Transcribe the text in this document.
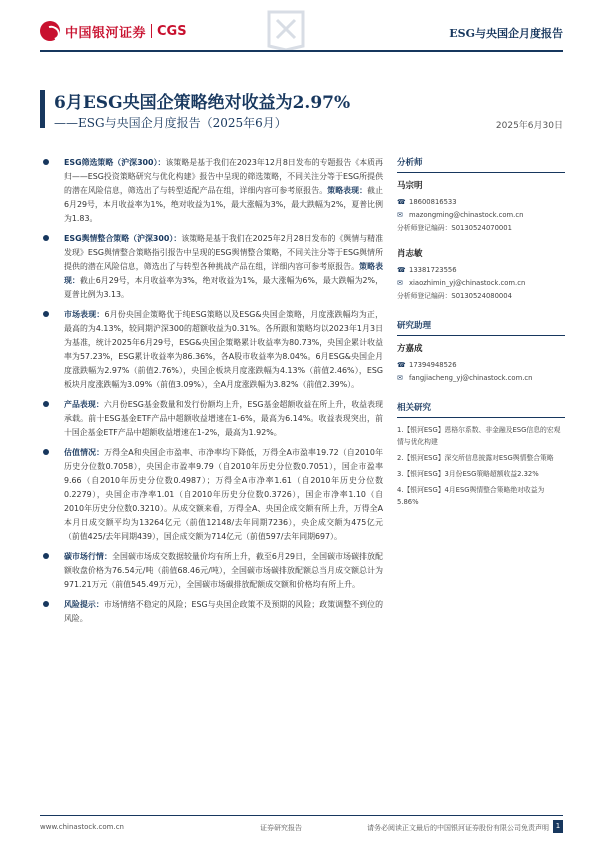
中国银河证券 CGS	ESG与央国企月度报告
6月ESG央国企策略绝对收益为2.97%
——ESG与央国企月度报告（2025年6月）	2025年6月30日
ESG筛选策略（沪深300）：该策略是基于我们在2023年12月8日发布的专题报告《本质再归——ESG投资策略研究与优化构建》报告中呈现的筛选策略，不同关注分等于ESG所提供的潜在风险信息，筛选出了与转型适配产品在组，详细内容可参考原报告。策略表现：截止6月29号，本月收益率为1%，绝对收益为1%，最大涨幅为3%，最大跌幅为2%，夏普比例为1.83。
ESG舆情整合策略（沪深300）：该策略是基于我们在2025年2月28日发布的《舆情与精准发现》ESG舆情整合策略指引报告中呈现的ESG舆情整合策略，不同关注分等于ESG舆情所提供的潜在风险信息，筛选出了与转型各种挑战产品在组，详细内容可参考原报告。策略表现：截止6月29号，本月收益率为3%，绝对收益为1%，最大涨幅为6%，最大跌幅为2%，夏普比例为3.13。
市场表现：6月份央国企策略优于纯ESG策略以及ESG&央国企策略，月度涨跌幅均为正，最高的为4.13%，较同期沪深300的超额收益为0.31%。各所跟和策略均以2023年1月3日为基准，统计2025年6月29号，ESG&央国企策略累计收益率为80.73%，央国企累计收益率为57.23%，ESG累计收益率为86.36%，各A股市收益率为8.04%。6月ESG&央国企月度涨跌幅为2.97%（前值2.76%），央国企板块月度涨跌幅为4.13%（前值2.46%），ESG板块月度涨跌幅为3.09%（前值3.09%），全A月度涨跌幅为3.82%（前值2.39%）。
产品表现：六月份ESG基金数量和发行份额均上升，ESG基金超额收益在所上升，收益表现承载。前十ESG基金ETF产品中超额收益增速在1-6%，最高为6.14%。收益表现突出，前十国企基金ETF产品中超额收益增速在1-2%，最高为1.92%。
估值情况：万得全A和央国企市盈率、市净率均下降低，万得全A市盈率19.72（自2010年历史分位数0.7058），央国企市盈率9.79（自2010年历史分位数0.7051），国企市盈率9.66（自2010年历史分位数0.4987）；万得全A市净率1.61（自2010年历史分位数0.2279），央国企市净率1.01（自2010年历史分位数0.3726），国企市净率1.10（自2010年历史分位数0.3210）。从成交额来看，万得全A、央国企成交额有所上升，万得全A本月日成交额平均为13264亿元（前值12148/去年同期7236），央企成交额为475亿元（前值425/去年同期439），国企成交额为714亿元（前值597/去年同期697）。
碳市场行情：全国碳市场成交数据较量价均有所上升，截至6月29日，全国碳市场碳排放配额收盘价格为76.54元/吨（前值68.46元/吨），全国碳市场碳排放配额总当月成交额总计为971.21万元（前值545.49万元），全国碳市场碳排放配额成交额和价格均有所上升。
风险提示：市场情绪不稳定的风险；ESG与央国企政策不及预期的风险；政策调整不到位的风险。
分析师
马宗明
☎ 18600816533
✉ mazongming@chinastock.com.cn
分析师登记编码：S0130524070001
肖志敏
☎ 13381723556
✉ xiaozhimin_yj@chinastock.com.cn
分析师登记编码：S0130524080004
研究助理
方嘉成
☎ 17394948526
✉ fangjiacheng_yj@chinastock.com.cn
相关研究
1.【银河ESG】恩格尔系数、非金融及ESG信息的宏观情与优化构建
2.【银河ESG】深交所信息披露对ESG舆情整合策略
3.【银河ESG】3月份ESG策略超额收益2.32%
4.【银河ESG】4月ESG舆情整合策略绝对收益为5.86%
www.chinastock.com.cn	证券研究报告	请务必阅读正文最后的中国银河证券股份有限公司免责声明 1
